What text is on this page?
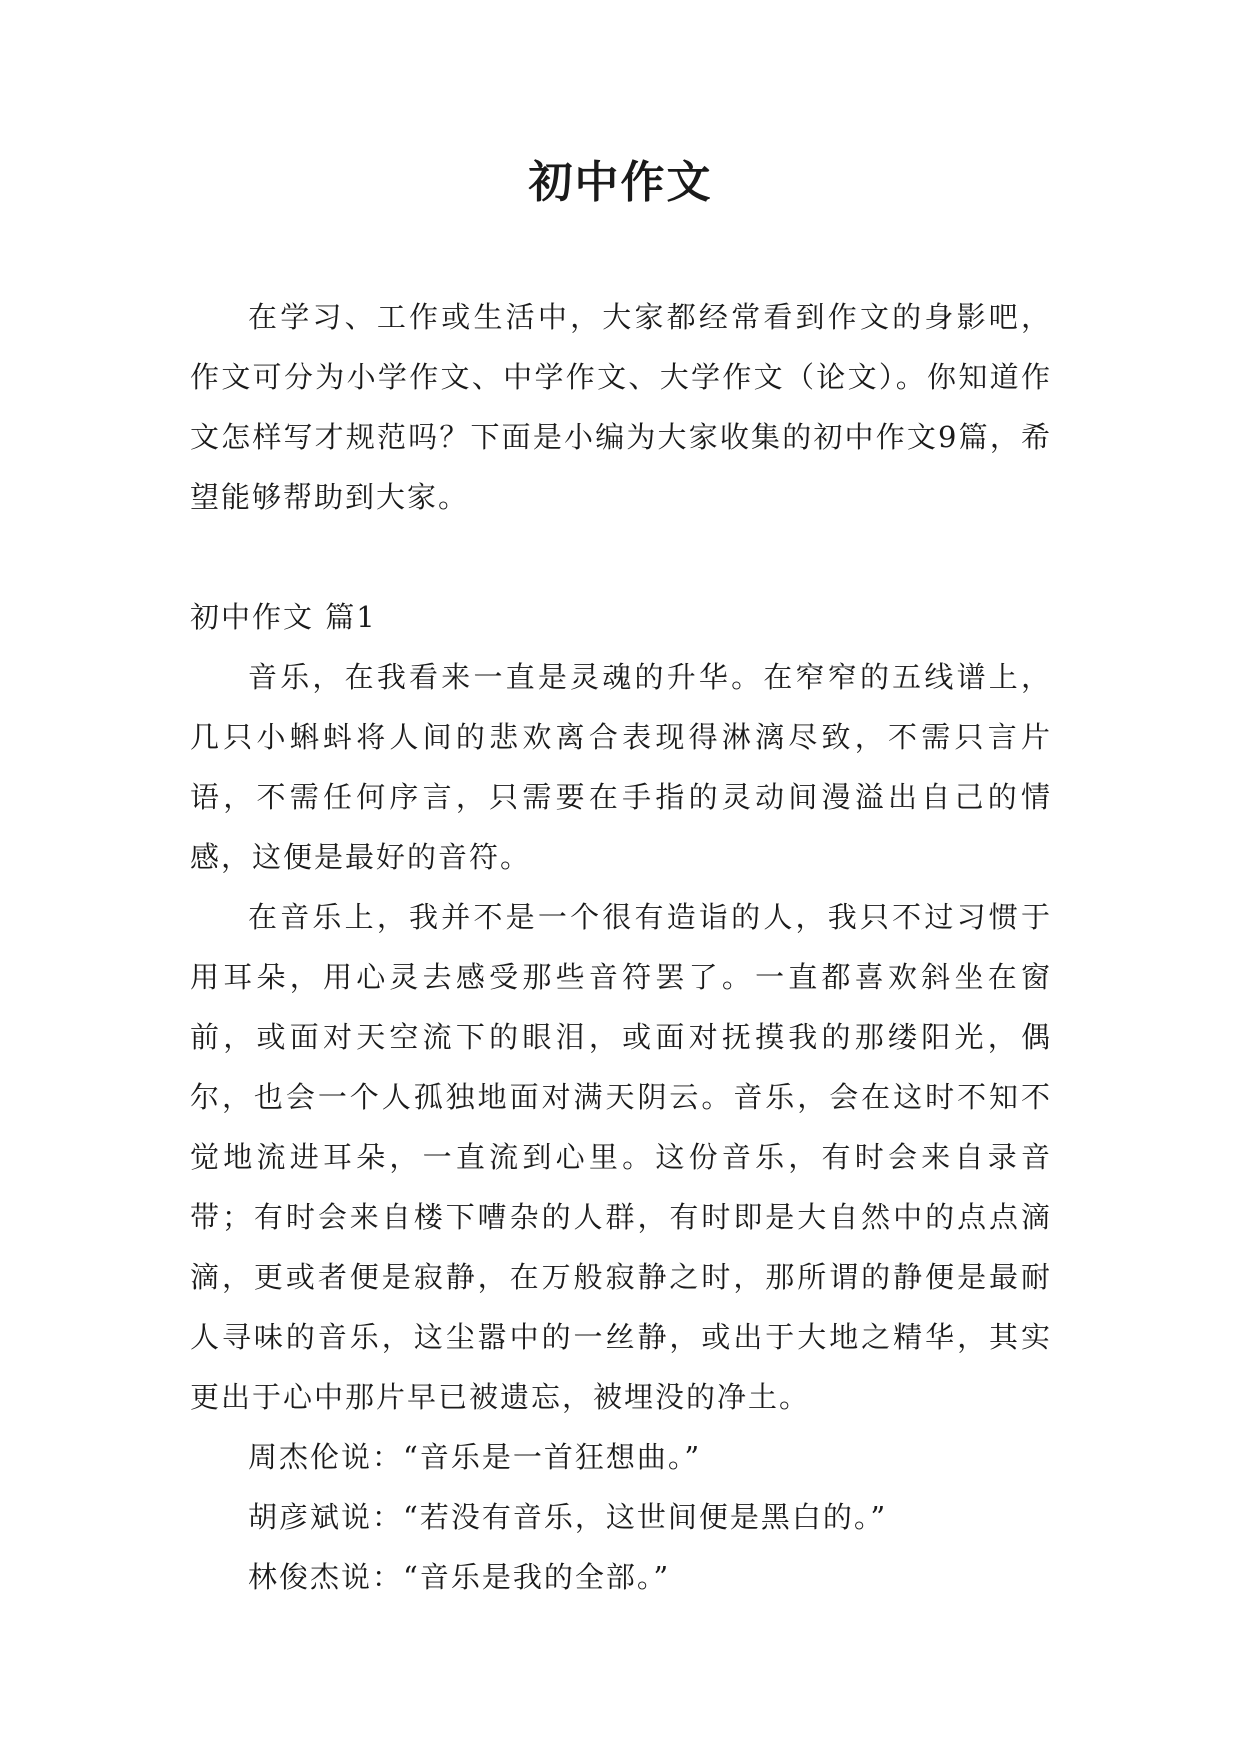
初中作文

在学习、工作或生活中，大家都经常看到作文的身影吧，作文可分为小学作文、中学作文、大学作文（论文）。你知道作文怎样写才规范吗？下面是小编为大家收集的初中作文9篇，希望能够帮助到大家。

初中作文 篇1

音乐，在我看来一直是灵魂的升华。在窄窄的五线谱上，几只小蝌蚪将人间的悲欢离合表现得淋漓尽致，不需只言片语，不需任何序言，只需要在手指的灵动间漫溢出自己的情感，这便是最好的音符。

在音乐上，我并不是一个很有造诣的人，我只不过习惯于用耳朵，用心灵去感受那些音符罢了。一直都喜欢斜坐在窗前，或面对天空流下的眼泪，或面对抚摸我的那缕阳光，偶尔，也会一个人孤独地面对满天阴云。音乐，会在这时不知不觉地流进耳朵，一直流到心里。这份音乐，有时会来自录音带；有时会来自楼下嘈杂的人群，有时即是大自然中的点点滴滴，更或者便是寂静，在万般寂静之时，那所谓的静便是最耐人寻味的音乐，这尘嚣中的一丝静，或出于大地之精华，其实更出于心中那片早已被遗忘，被埋没的净土。

周杰伦说：“音乐是一首狂想曲。”

胡彦斌说：“若没有音乐，这世间便是黑白的。”

林俊杰说：“音乐是我的全部。”
